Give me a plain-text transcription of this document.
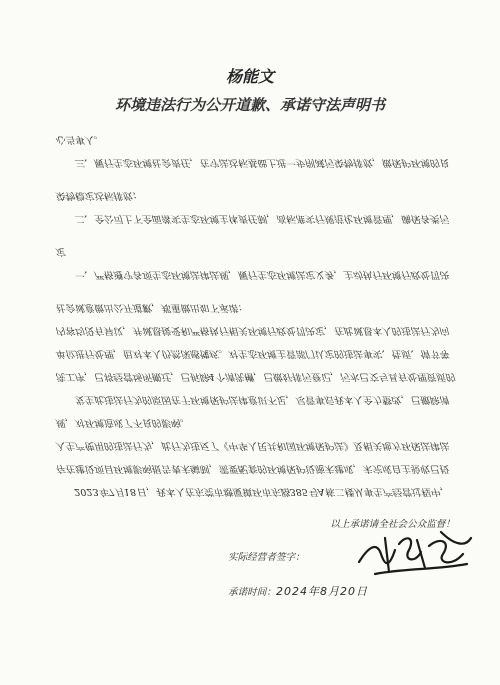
杨能文
环境违法行为公开道歉、承诺守法声明书

2023年7月18日，我本人在东莞市塘厦镇环市东路385号A栋二楼从事生产经营过程中，存在建设项目环境影响报告表未编制，需要配套的环境保护设施未建成，未完成自主验收已投入生产使用的违法行为，此行为违反了《中华人民共和国环境保护法》及相关地方环保法律法规，对环境造成了不良的影响。

发生此违法行为的原因在于环境保护法律意识不足，尽管事后我本人全力整改，已撤除清洗工序，已将经营场所搬迁，已拆除4个清洗槽，已做好排污登记，污水已交与具有处理资质的单位进行处理，但对本人仍然深感愧疚。对生态环境主管部门认定的违法事实、性质、情节等内容均没有异议，并诚恳接受和严格执行相关环境行政处罚决定，在此诚恳本人的违法行为向社会诚意做出公开道歉，郑重做出如下承诺：

一、严格遵守各项生态环境法律法规，履行生态环境法定义务，主动执行环境行政处罚决定

二、全公司上下全面落实生态环境主体责任制，高标准实行规范化环境管理，确保各类污染物稳定达标排放；

三、履行生态环境社会责任，在守法达标基础上进一步削减污染物排放，做保护环境的良心当事人。

以上承诺请全社会公众监督！
实际经营者签字：
承诺时间：2024年8月20日
